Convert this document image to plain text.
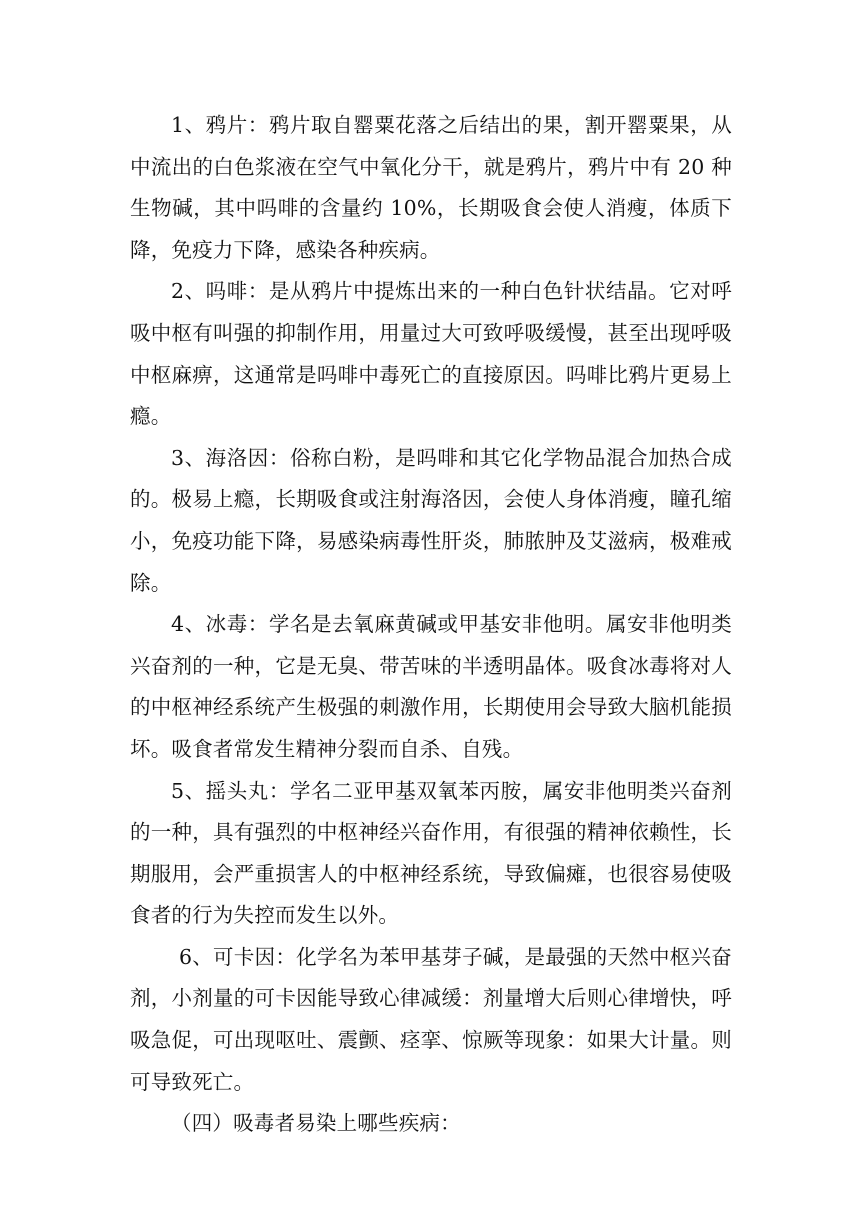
1、鸦片：鸦片取自罂粟花落之后结出的果，割开罂粟果，从中流出的白色浆液在空气中氧化分干，就是鸦片，鸦片中有 20 种生物碱，其中吗啡的含量约 10%，长期吸食会使人消瘦，体质下降，免疫力下降，感染各种疾病。

2、吗啡：是从鸦片中提炼出来的一种白色针状结晶。它对呼吸中枢有叫强的抑制作用，用量过大可致呼吸缓慢，甚至出现呼吸中枢麻痹，这通常是吗啡中毒死亡的直接原因。吗啡比鸦片更易上瘾。

3、海洛因：俗称白粉，是吗啡和其它化学物品混合加热合成的。极易上瘾，长期吸食或注射海洛因，会使人身体消瘦，瞳孔缩小，免疫功能下降，易感染病毒性肝炎，肺脓肿及艾滋病，极难戒除。

4、冰毒：学名是去氧麻黄碱或甲基安非他明。属安非他明类兴奋剂的一种，它是无臭、带苦味的半透明晶体。吸食冰毒将对人的中枢神经系统产生极强的刺激作用，长期使用会导致大脑机能损坏。吸食者常发生精神分裂而自杀、自残。

5、摇头丸：学名二亚甲基双氧苯丙胺，属安非他明类兴奋剂的一种，具有强烈的中枢神经兴奋作用，有很强的精神依赖性，长期服用，会严重损害人的中枢神经系统，导致偏瘫，也很容易使吸食者的行为失控而发生以外。

6、可卡因：化学名为苯甲基芽子碱，是最强的天然中枢兴奋剂，小剂量的可卡因能导致心律减缓：剂量增大后则心律增快，呼吸急促，可出现呕吐、震颤、痉挛、惊厥等现象：如果大计量。则可导致死亡。

（四）吸毒者易染上哪些疾病：
